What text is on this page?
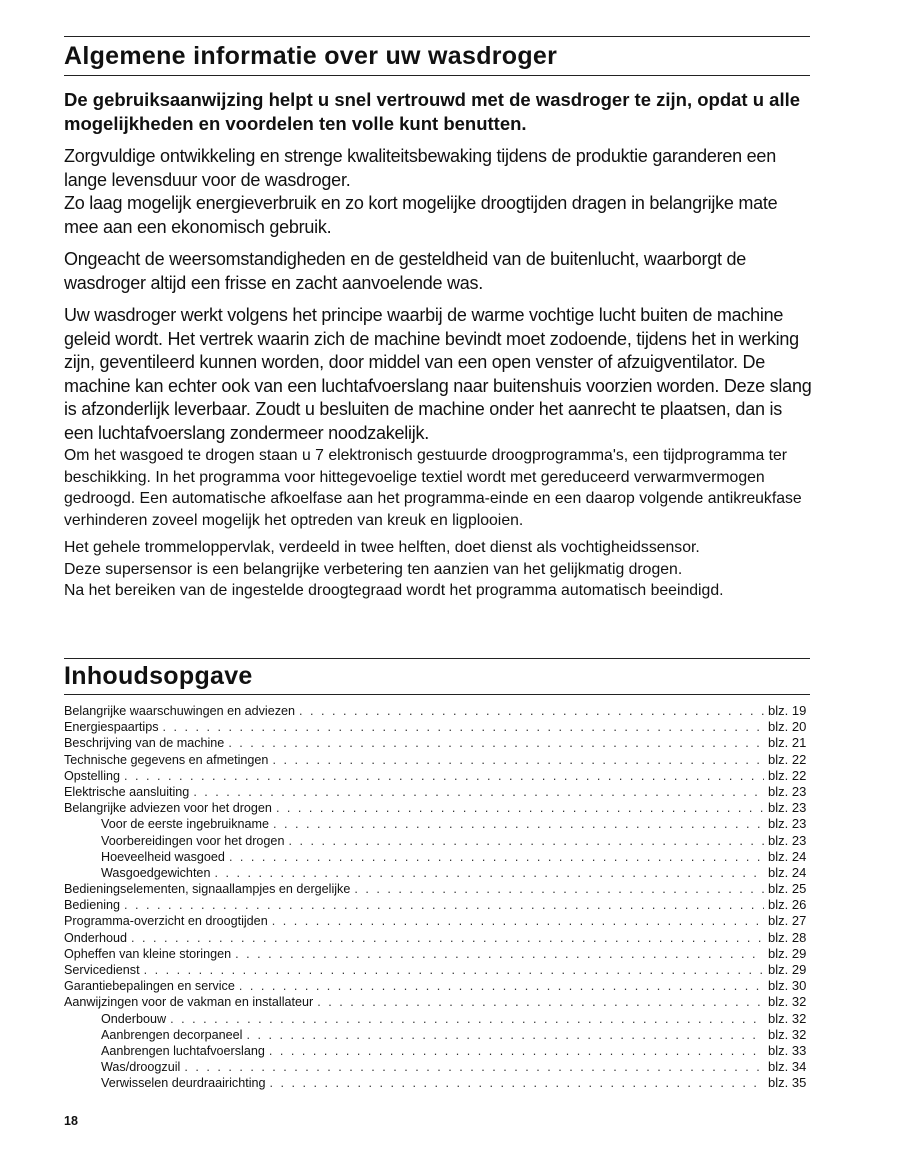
Algemene informatie over uw wasdroger
De gebruiksaanwijzing helpt u snel vertrouwd met de wasdroger te zijn, opdat u alle mogelijkheden en voordelen ten volle kunt benutten.

Zorgvuldige ontwikkeling en strenge kwaliteitsbewaking tijdens de produktie garanderen een lange levensduur voor de wasdroger.

Zo laag mogelijk energieverbruik en zo kort mogelijke droogtijden dragen in belangrijke mate mee aan een ekonomisch gebruik.

Ongeacht de weersomstandigheden en de gesteldheid van de buitenlucht, waarborgt de wasdroger altijd een frisse en zacht aanvoelende was.

Uw wasdroger werkt volgens het principe waarbij de warme vochtige lucht buiten de machine geleid wordt. Het vertrek waarin zich de machine bevindt moet zodoende, tijdens het in werking zijn, geventileerd kunnen worden, door middel van een open venster of afzuigventilator. De machine kan echter ook van een luchtafvoerslang naar buitenshuis voorzien worden. Deze slang is afzonderlijk leverbaar. Zoudt u besluiten de machine onder het aanrecht te plaatsen, dan is een luchtafvoerslang zondermeer noodzakelijk.

Om het wasgoed te drogen staan u 7 elektronisch gestuurde droogprogramma's, een tijdprogramma ter beschikking. In het programma voor hittegevoelige textiel wordt met gereduceerd verwarmvermogen gedroogd. Een automatische afkoelfase aan het programma-einde en een daarop volgende antikreukfase verhinderen zoveel mogelijk het optreden van kreuk en ligplooien.

Het gehele trommeloppervlak, verdeeld in twee helften, doet dienst als vochtigheidssensor.

Deze supersensor is een belangrijke verbetering ten aanzien van het gelijkmatig drogen.

Na het bereiken van de ingestelde droogtegraad wordt het programma automatisch beeindigd.

Inhoudsopgave
Belangrijke waarschuwingen en adviezen . . .	blz. 19
Energiespaartips . . .	blz. 20
Beschrijving van de machine . . .	blz. 21
Technische gegevens en afmetingen . . .	blz. 22
Opstelling . . .	blz. 22
Elektrische aansluiting . . .	blz. 23
Belangrijke adviezen voor het drogen . . .	blz. 23
Voor de eerste ingebruikname . . .	blz. 23
Voorbereidingen voor het drogen . . .	blz. 23
Hoeveelheid wasgoed . . .	blz. 24
Wasgoedgewichten . . .	blz. 24
Bedieningselementen, signaallampjes en dergelijke . . .	blz. 25
Bediening . . .	blz. 26
Programma-overzicht en droogtijden . . .	blz. 27
Onderhoud . . .	blz. 28
Opheffen van kleine storingen . . .	blz. 29
Servicedienst . . .	blz. 29
Garantiebepalingen en service . . .	blz. 30
Aanwijzingen voor de vakman en installateur . . .	blz. 32
Onderbouw . . .	blz. 32
Aanbrengen decorpaneel . . .	blz. 32
Aanbrengen luchtafvoerslang . . .	blz. 33
Was/droogzuil . . .	blz. 34
Verwisselen deurdraairichting . . .	blz. 35
18
